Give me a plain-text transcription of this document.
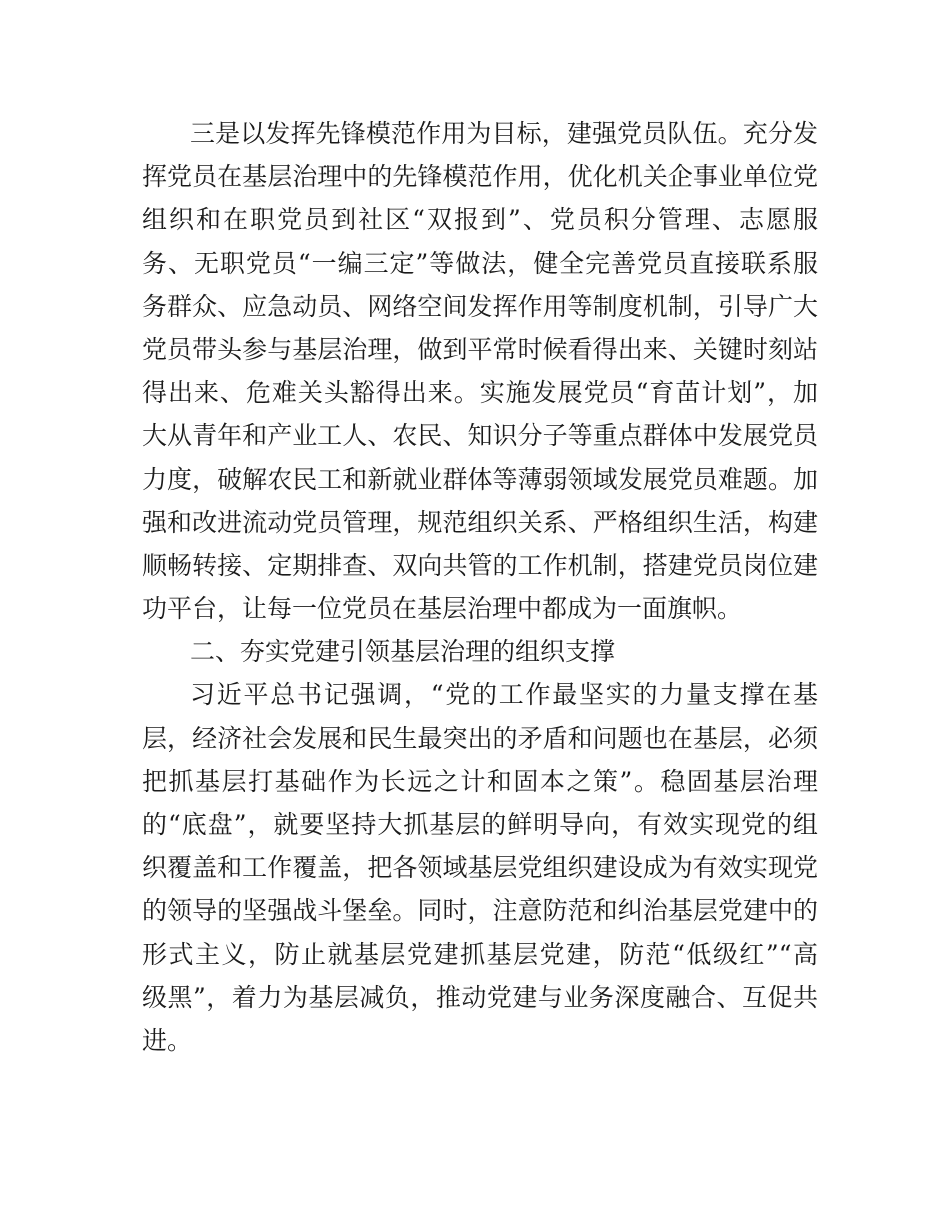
三是以发挥先锋模范作用为目标，建强党员队伍。充分发
挥党员在基层治理中的先锋模范作用，优化机关企事业单位党
组织和在职党员到社区“双报到”、党员积分管理、志愿服
务、无职党员“一编三定”等做法，健全完善党员直接联系服
务群众、应急动员、网络空间发挥作用等制度机制，引导广大
党员带头参与基层治理，做到平常时候看得出来、关键时刻站
得出来、危难关头豁得出来。实施发展党员“育苗计划”，加
大从青年和产业工人、农民、知识分子等重点群体中发展党员
力度，破解农民工和新就业群体等薄弱领域发展党员难题。加
强和改进流动党员管理，规范组织关系、严格组织生活，构建
顺畅转接、定期排查、双向共管的工作机制，搭建党员岗位建
功平台，让每一位党员在基层治理中都成为一面旗帜。
二、夯实党建引领基层治理的组织支撑
习近平总书记强调，“党的工作最坚实的力量支撑在基
层，经济社会发展和民生最突出的矛盾和问题也在基层，必须
把抓基层打基础作为长远之计和固本之策”。稳固基层治理
的“底盘”，就要坚持大抓基层的鲜明导向，有效实现党的组
织覆盖和工作覆盖，把各领域基层党组织建设成为有效实现党
的领导的坚强战斗堡垒。同时，注意防范和纠治基层党建中的
形式主义，防止就基层党建抓基层党建，防范“低级红”“高
级黑”，着力为基层减负，推动党建与业务深度融合、互促共
进。
